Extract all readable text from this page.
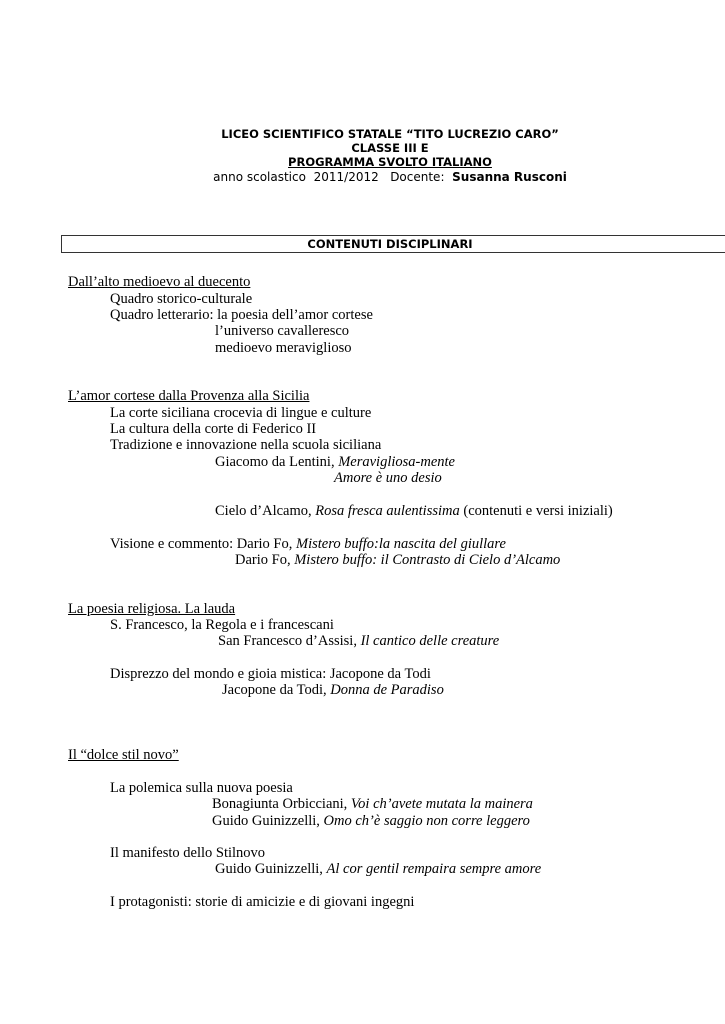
LICEO SCIENTIFICO STATALE “TITO LUCREZIO CARO”
CLASSE III E
PROGRAMMA SVOLTO ITALIANO
anno scolastico 2011/2012 Docente: Susanna Rusconi
CONTENUTI DISCIPLINARI
Dall’alto medioevo al duecento
Quadro storico-culturale
Quadro letterario: la poesia dell’amor cortese
l’universo cavalleresco
medioevo meraviglioso
L’amor cortese dalla Provenza alla Sicilia
La corte siciliana crocevia di lingue e culture
La cultura della corte di Federico II
Tradizione e innovazione nella scuola siciliana
Giacomo da Lentini, Meravigliosa-mente
Amore è uno desio
Cielo d’Alcamo, Rosa fresca aulentissima (contenuti e versi iniziali)
Visione e commento: Dario Fo, Mistero buffo:la nascita del giullare
Dario Fo, Mistero buffo: il Contrasto di Cielo d’Alcamo
La poesia religiosa. La lauda
S. Francesco, la Regola e i francescani
San Francesco d’Assisi, Il cantico delle creature
Disprezzo del mondo e gioia mistica: Jacopone da Todi
Jacopone da Todi, Donna de Paradiso
Il “dolce stil novo”
La polemica sulla nuova poesia
Bonagiunta Orbicciani, Voi ch’avete mutata la mainera
Guido Guinizzelli, Omo ch’è saggio non corre leggero
Il manifesto dello Stilnovo
Guido Guinizzelli, Al cor gentil rempaira sempre amore
I protagonisti: storie di amicizie e di giovani ingegni
